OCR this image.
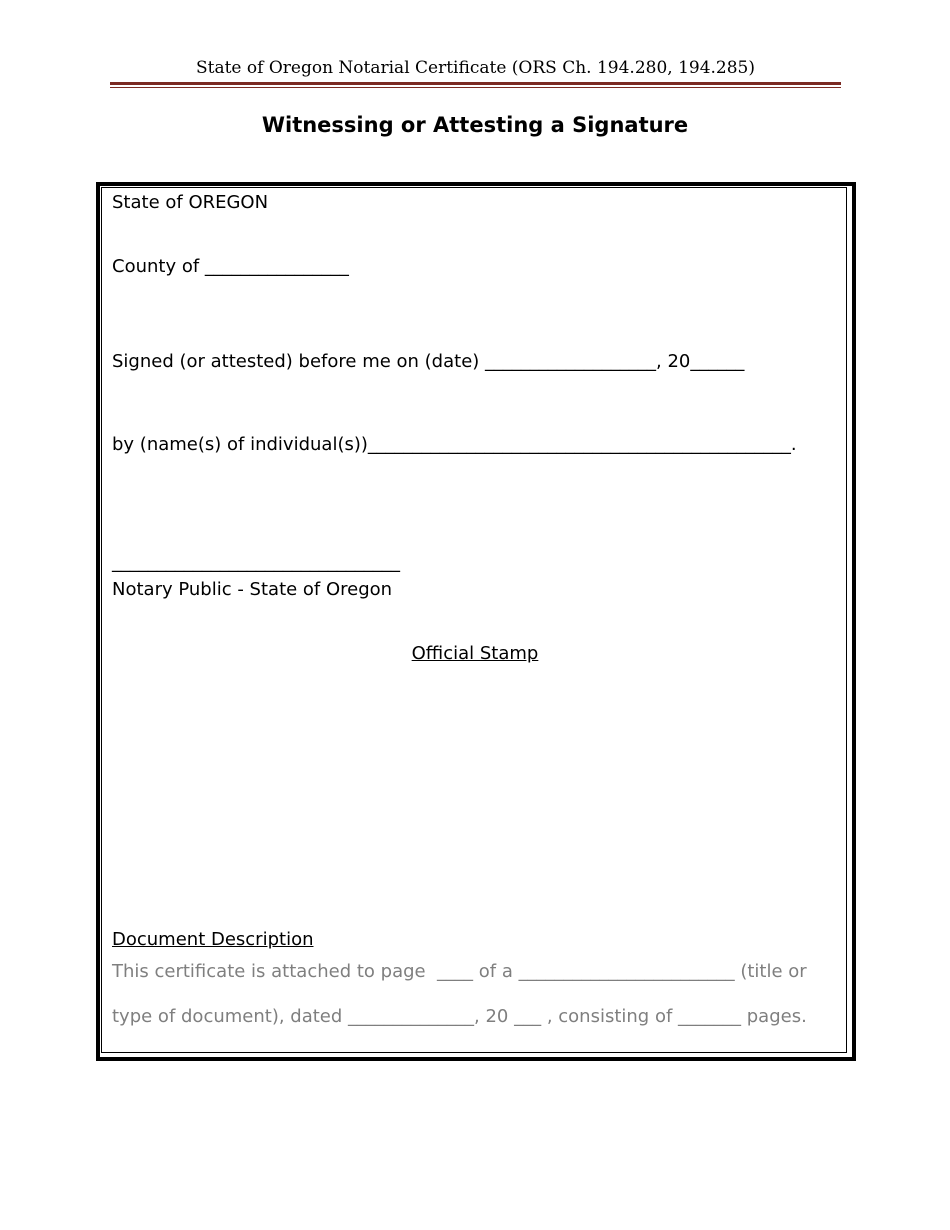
State of Oregon Notarial Certificate (ORS Ch. 194.280, 194.285)
Witnessing or Attesting a Signature
State of OREGON
County of ________________
Signed (or attested) before me on (date) ___________________, 20______
by (name(s) of individual(s))_______________________________________________.
________________________________
Notary Public - State of Oregon
Official Stamp
Document Description
This certificate is attached to page  ____ of a ________________________ (title or
type of document), dated ______________, 20 ___ , consisting of _______ pages.
